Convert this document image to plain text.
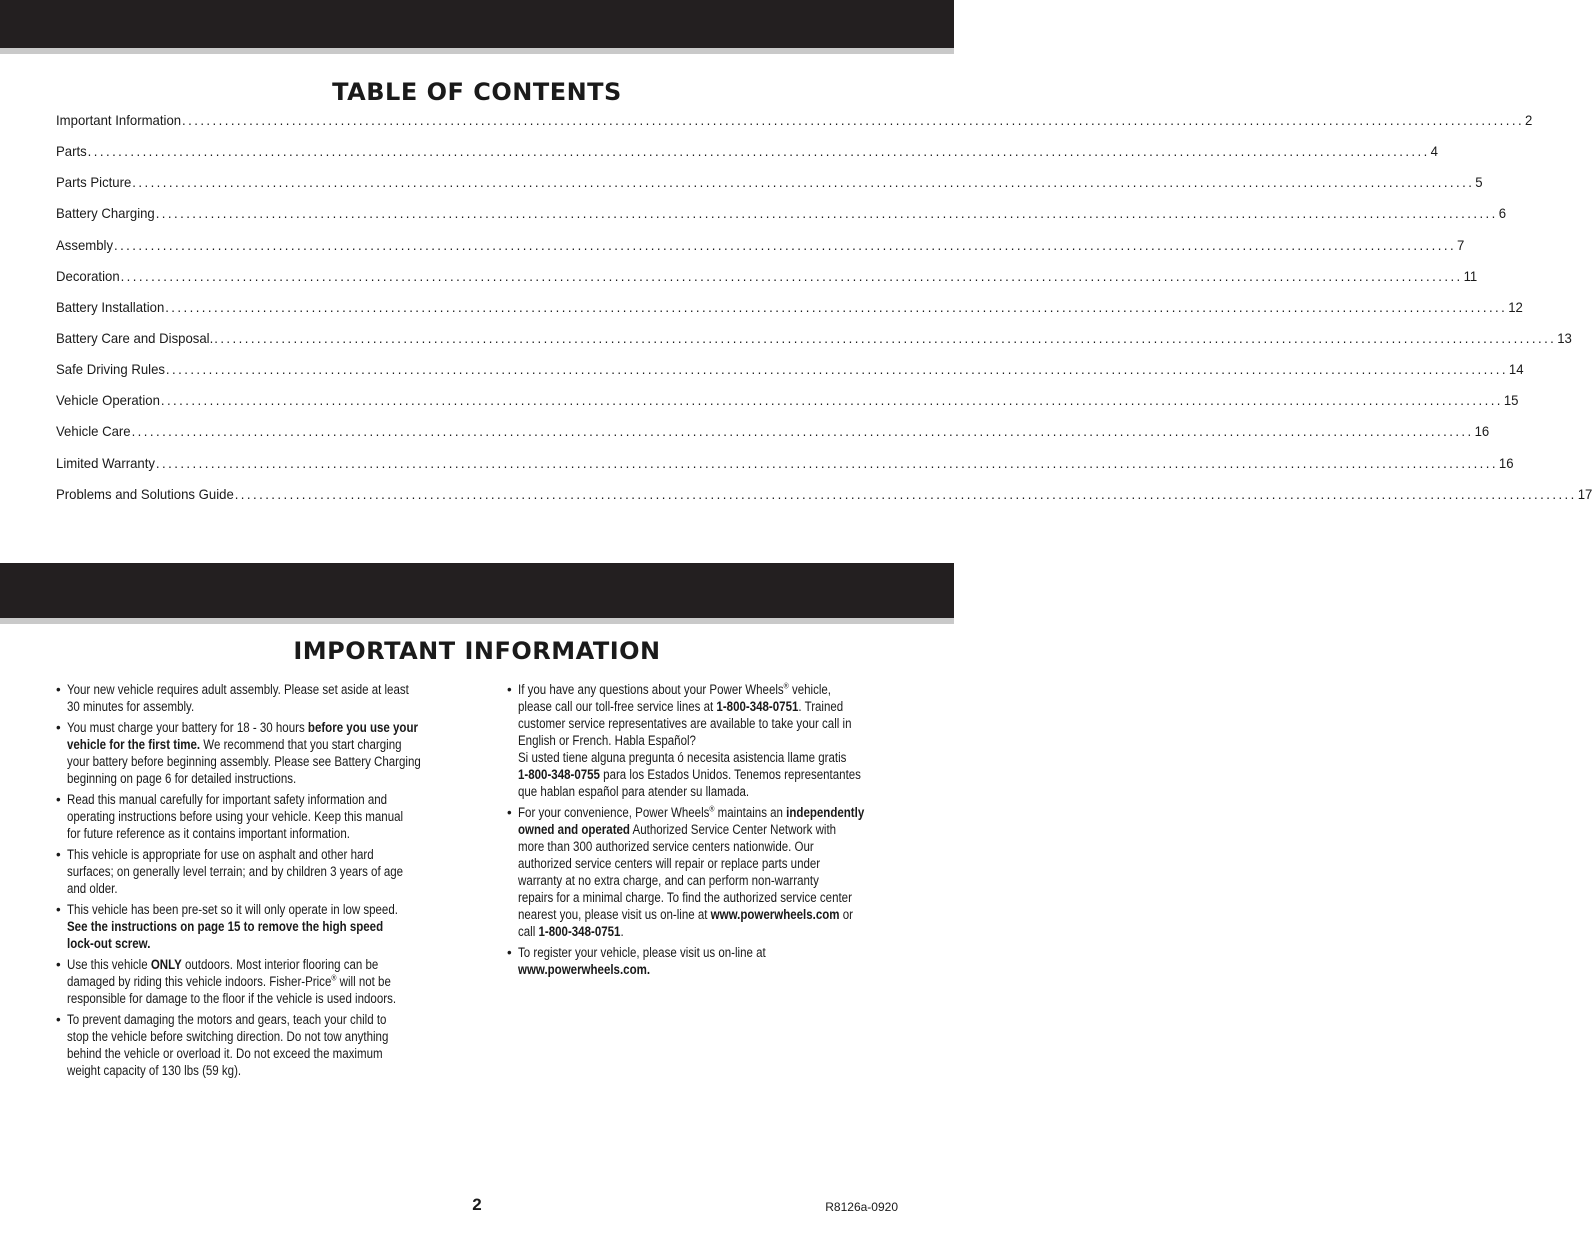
TABLE OF CONTENTS
Important Information ............................................................................................................................................................................................................................ 2
Parts ............................................................................................................................................................................................................................ 4
Parts Picture ............................................................................................................................................................................................................................ 5
Battery Charging ............................................................................................................................................................................................................................ 6
Assembly ............................................................................................................................................................................................................................ 7
Decoration ............................................................................................................................................................................................................................ 11
Battery Installation ............................................................................................................................................................................................................................ 12
Battery Care and Disposal. ............................................................................................................................................................................................................................ 13
Safe Driving Rules ............................................................................................................................................................................................................................ 14
Vehicle Operation ............................................................................................................................................................................................................................ 15
Vehicle Care ............................................................................................................................................................................................................................ 16
Limited Warranty ............................................................................................................................................................................................................................ 16
Problems and Solutions Guide ............................................................................................................................................................................................................................ 17
IMPORTANT INFORMATION
• Your new vehicle requires adult assembly. Please set aside at least
30 minutes for assembly.
• You must charge your battery for 18 - 30 hours before you use your
vehicle for the first time. We recommend that you start charging
your battery before beginning assembly. Please see Battery Charging
beginning on page 6 for detailed instructions.
• Read this manual carefully for important safety information and
operating instructions before using your vehicle. Keep this manual
for future reference as it contains important information.
• This vehicle is appropriate for use on asphalt and other hard
surfaces; on generally level terrain; and by children 3 years of age
and older.
• This vehicle has been pre-set so it will only operate in low speed.
See the instructions on page 15 to remove the high speed
lock-out screw.
• Use this vehicle ONLY outdoors. Most interior flooring can be
damaged by riding this vehicle indoors. Fisher-Price® will not be
responsible for damage to the floor if the vehicle is used indoors.
• To prevent damaging the motors and gears, teach your child to
stop the vehicle before switching direction. Do not tow anything
behind the vehicle or overload it. Do not exceed the maximum
weight capacity of 130 lbs (59 kg).
• If you have any questions about your Power Wheels® vehicle,
please call our toll-free service lines at 1-800-348-0751. Trained
customer service representatives are available to take your call in
English or French. Habla Español?
Si usted tiene alguna pregunta ó necesita asistencia llame gratis
1-800-348-0755 para los Estados Unidos. Tenemos representantes
que hablan español para atender su llamada.
• For your convenience, Power Wheels® maintains an independently
owned and operated Authorized Service Center Network with
more than 300 authorized service centers nationwide. Our
authorized service centers will repair or replace parts under
warranty at no extra charge, and can perform non-warranty
repairs for a minimal charge. To find the authorized service center
nearest you, please visit us on-line at www.powerwheels.com or
call 1-800-348-0751.
• To register your vehicle, please visit us on-line at
www.powerwheels.com.
2	R8126a-0920
